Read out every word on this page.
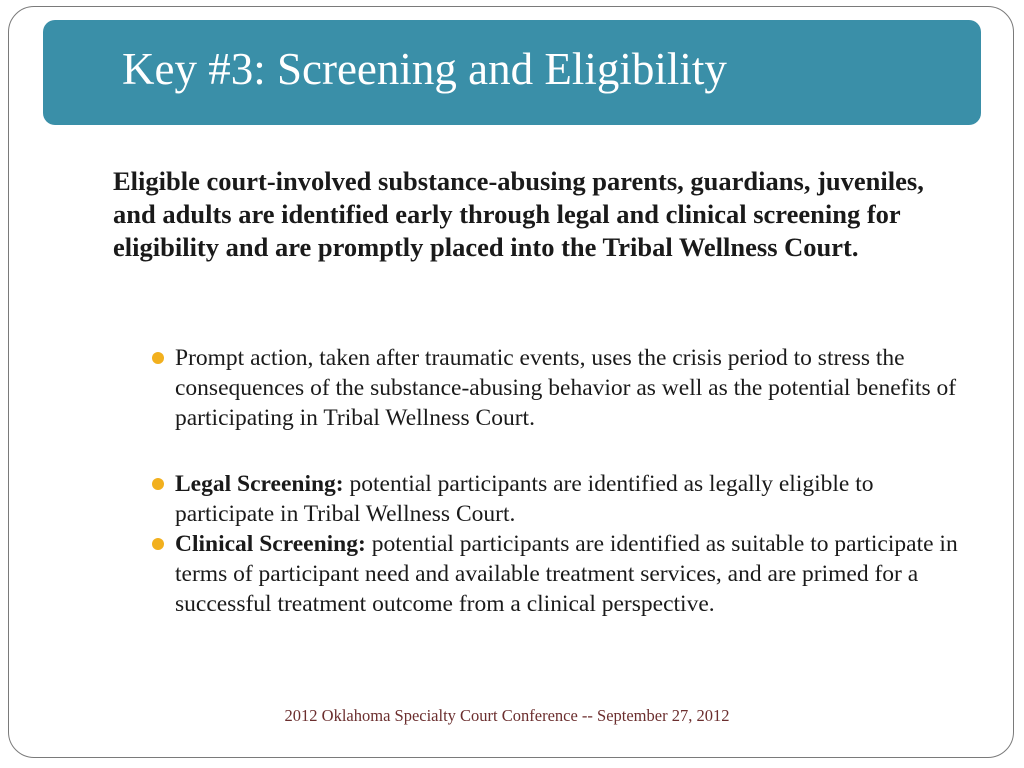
Key #3: Screening and Eligibility

Eligible court-involved substance-abusing parents, guardians, juveniles, and adults are identified early through legal and clinical screening for eligibility and are promptly placed into the Tribal Wellness Court.

Prompt action, taken after traumatic events, uses the crisis period to stress the consequences of the substance-abusing behavior as well as the potential benefits of participating in Tribal Wellness Court.
Legal Screening: potential participants are identified as legally eligible to participate in Tribal Wellness Court.
Clinical Screening: potential participants are identified as suitable to participate in terms of participant need and available treatment services, and are primed for a successful treatment outcome from a clinical perspective.

2012 Oklahoma Specialty Court Conference -- September 27, 2012
